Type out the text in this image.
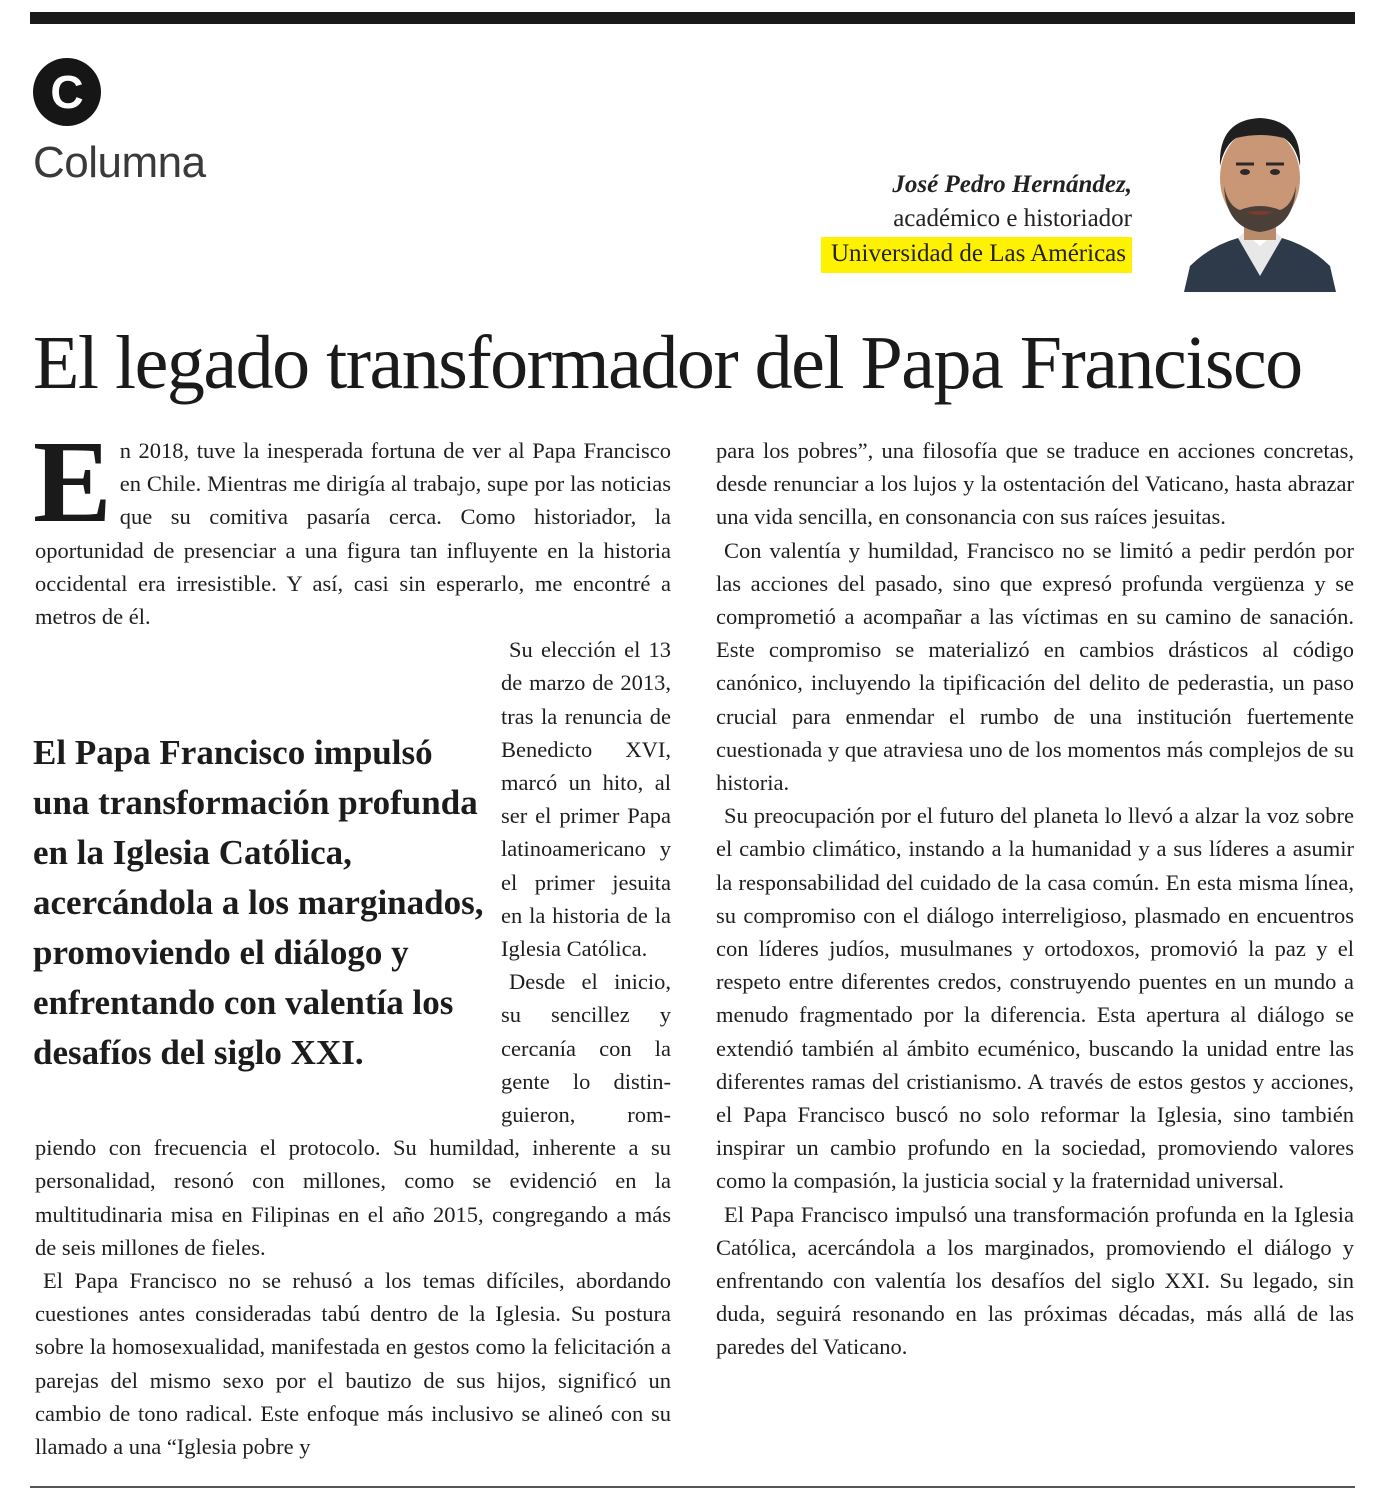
C
Columna	José Pedro Hernández,
académico e historiador
Universidad de Las Américas
El legado transformador del Papa Francisco

En 2018, tuve la inesperada fortuna de ver al Papa Francisco en Chile. Mientras me dirigía al trabajo, supe por las noticias que su comitiva pasaría cerca. Como historiador, la oportunidad de presenciar a una figura tan influyente en la historia occidental era irresistible. Y así, casi sin esperarlo, me encontré a metros de él.

Su elección el 13 de marzo de 2013, tras la renuncia de Benedicto XVI, marcó un hito, al ser el primer Papa latinoamericano y el primer jesuita en la historia de la Iglesia Católica.

Desde el inicio, su sencillez y cercanía con la gente lo distinguieron, rompiendo con frecuencia el protocolo. Su humildad, inherente a su personalidad, resonó con millones, como se evidenció en la multitudinaria misa en Filipinas en el año 2015, congregando a más de seis millones de fieles.

El Papa Francisco no se rehusó a los temas difíciles, abordando cuestiones antes consideradas tabú dentro de la Iglesia. Su postura sobre la homosexualidad, manifestada en gestos como la felicitación a parejas del mismo sexo por el bautizo de sus hijos, significó un cambio de tono radical. Este enfoque más inclusivo se alineó con su llamado a una “Iglesia pobre y

El Papa Francisco impulsó una transformación profunda en la Iglesia Católica, acercándola a los marginados, promoviendo el diálogo y enfrentando con valentía los desafíos del siglo XXI.

para los pobres”, una filosofía que se traduce en acciones concretas, desde renunciar a los lujos y la ostentación del Vaticano, hasta abrazar una vida sencilla, en consonancia con sus raíces jesuitas.

Con valentía y humildad, Francisco no se limitó a pedir perdón por las acciones del pasado, sino que expresó profunda vergüenza y se comprometió a acompañar a las víctimas en su camino de sanación. Este compromiso se materializó en cambios drásticos al código canónico, incluyendo la tipificación del delito de pederastia, un paso crucial para enmendar el rumbo de una institución fuertemente cuestionada y que atraviesa uno de los momentos más complejos de su historia.

Su preocupación por el futuro del planeta lo llevó a alzar la voz sobre el cambio climático, instando a la humanidad y a sus líderes a asumir la responsabilidad del cuidado de la casa común. En esta misma línea, su compromiso con el diálogo interreligioso, plasmado en encuentros con líderes judíos, musulmanes y ortodoxos, promovió la paz y el respeto entre diferentes credos, construyendo puentes en un mundo a menudo fragmentado por la diferencia. Esta apertura al diálogo se extendió también al ámbito ecuménico, buscando la unidad entre las diferentes ramas del cristianismo. A través de estos gestos y acciones, el Papa Francisco buscó no solo reformar la Iglesia, sino también inspirar un cambio profundo en la sociedad, promoviendo valores como la compasión, la justicia social y la fraternidad universal.

El Papa Francisco impulsó una transformación profunda en la Iglesia Católica, acercándola a los marginados, promoviendo el diálogo y enfrentando con valentía los desafíos del siglo XXI. Su legado, sin duda, seguirá resonando en las próximas décadas, más allá de las paredes del Vaticano.
